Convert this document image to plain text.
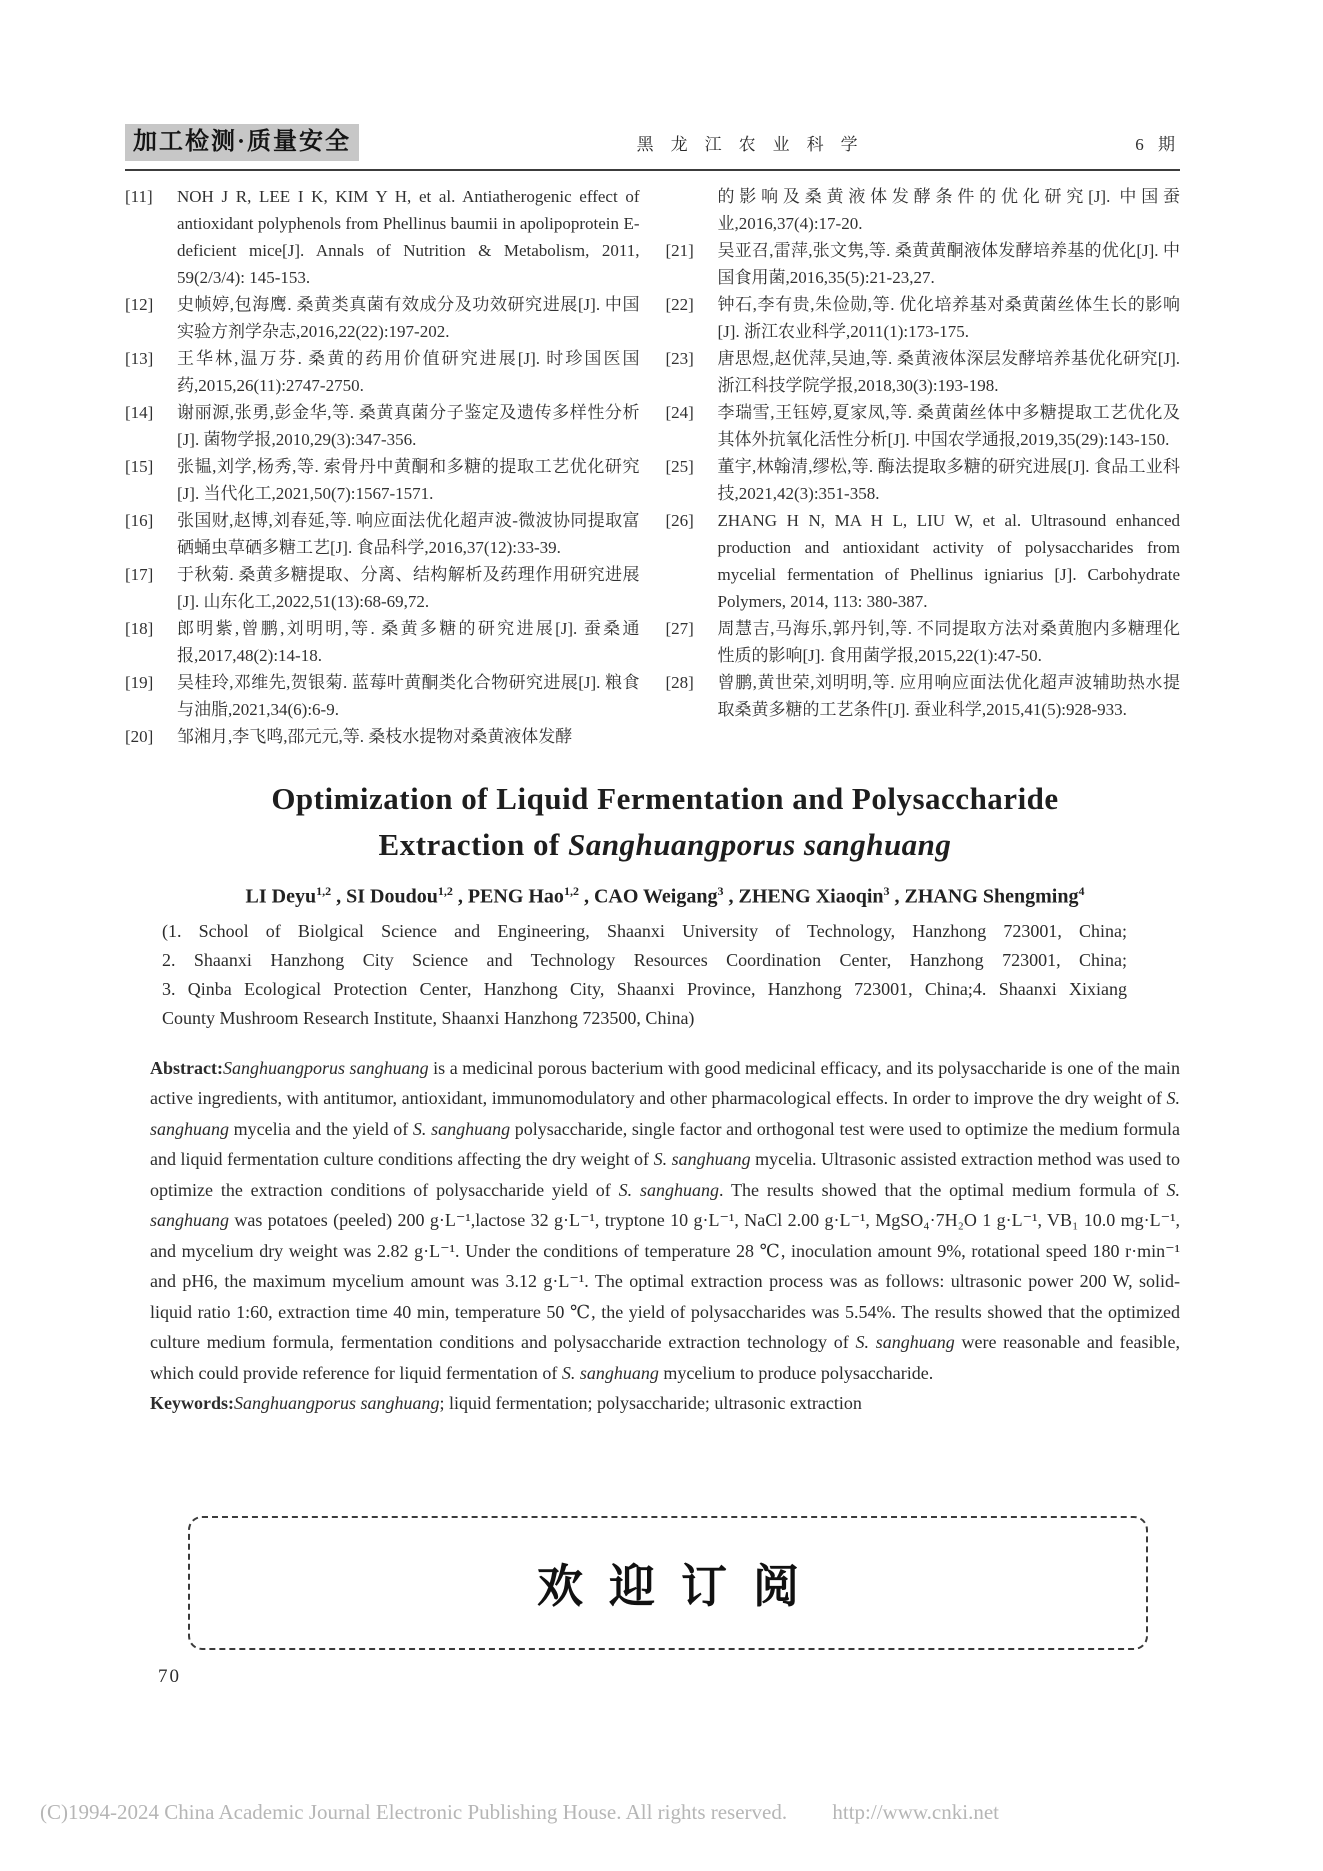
加工检测·质量安全	黑龙江农业科学	6 期
[11]	NOH J R, LEE I K, KIM Y H, et al. Antiatherogenic effect of antioxidant polyphenols from Phellinus baumii in apolipoprotein E-deficient mice[J]. Annals of Nutrition & Metabolism, 2011, 59(2/3/4): 145-153.
[12]	史帧婷,包海鹰. 桑黄类真菌有效成分及功效研究进展[J]. 中国实验方剂学杂志,2016,22(22):197-202.
[13]	王华林,温万芬. 桑黄的药用价值研究进展[J]. 时珍国医国药,2015,26(11):2747-2750.
[14]	谢丽源,张勇,彭金华,等. 桑黄真菌分子鉴定及遗传多样性分析[J]. 菌物学报,2010,29(3):347-356.
[15]	张韫,刘学,杨秀,等. 索骨丹中黄酮和多糖的提取工艺优化研究[J]. 当代化工,2021,50(7):1567-1571.
[16]	张国财,赵博,刘春延,等. 响应面法优化超声波-微波协同提取富硒蛹虫草硒多糖工艺[J]. 食品科学,2016,37(12):33-39.
[17]	于秋菊. 桑黄多糖提取、分离、结构解析及药理作用研究进展[J]. 山东化工,2022,51(13):68-69,72.
[18]	郎明紫,曾鹏,刘明明,等. 桑黄多糖的研究进展[J]. 蚕桑通报,2017,48(2):14-18.
[19]	吴桂玲,邓维先,贺银菊. 蓝莓叶黄酮类化合物研究进展[J]. 粮食与油脂,2021,34(6):6-9.
[20]	邹湘月,李飞鸣,邵元元,等. 桑枝水提物对桑黄液体发酵
的影响及桑黄液体发酵条件的优化研究[J]. 中国蚕业,2016,37(4):17-20.
[21]	吴亚召,雷萍,张文隽,等. 桑黄黄酮液体发酵培养基的优化[J]. 中国食用菌,2016,35(5):21-23,27.
[22]	钟石,李有贵,朱俭勋,等. 优化培养基对桑黄菌丝体生长的影响[J]. 浙江农业科学,2011(1):173-175.
[23]	唐思煜,赵优萍,吴迪,等. 桑黄液体深层发酵培养基优化研究[J]. 浙江科技学院学报,2018,30(3):193-198.
[24]	李瑞雪,王钰婷,夏家凤,等. 桑黄菌丝体中多糖提取工艺优化及其体外抗氧化活性分析[J]. 中国农学通报,2019,35(29):143-150.
[25]	董宇,林翰清,缪松,等. 酶法提取多糖的研究进展[J]. 食品工业科技,2021,42(3):351-358.
[26]	ZHANG H N, MA H L, LIU W, et al. Ultrasound enhanced production and antioxidant activity of polysaccharides from mycelial fermentation of Phellinus igniarius [J]. Carbohydrate Polymers, 2014, 113: 380-387.
[27]	周慧吉,马海乐,郭丹钊,等. 不同提取方法对桑黄胞内多糖理化性质的影响[J]. 食用菌学报,2015,22(1):47-50.
[28]	曾鹏,黄世荣,刘明明,等. 应用响应面法优化超声波辅助热水提取桑黄多糖的工艺条件[J]. 蚕业科学,2015,41(5):928-933.
Optimization of Liquid Fermentation and Polysaccharide
Extraction of Sanghuangporus sanghuang
LI Deyu$^{1,2}$ , SI Doudou$^{1,2}$ , PENG Hao$^{1,2}$ , CAO Weigang$^3$ , ZHENG Xiaoqin$^3$ , ZHANG Shengming$^4$
(1. School of Biolgical Science and Engineering, Shaanxi University of Technology, Hanzhong 723001, China;
2. Shaanxi Hanzhong City Science and Technology Resources Coordination Center, Hanzhong 723001, China;
3. Qinba Ecological Protection Center, Hanzhong City, Shaanxi Province, Hanzhong 723001, China;4. Shaanxi Xixiang
County Mushroom Research Institute, Shaanxi Hanzhong 723500, China)

Abstract:Sanghuangporus sanghuang is a medicinal porous bacterium with good medicinal efficacy, and its polysaccharide is one of the main active ingredients, with antitumor, antioxidant, immunomodulatory and other pharmacological effects. In order to improve the dry weight of S. sanghuang mycelia and the yield of S. sanghuang polysaccharide, single factor and orthogonal test were used to optimize the medium formula and liquid fermentation culture conditions affecting the dry weight of S. sanghuang mycelia. Ultrasonic assisted extraction method was used to optimize the extraction conditions of polysaccharide yield of S. sanghuang. The results showed that the optimal medium formula of S. sanghuang was potatoes (peeled) 200 g·L⁻¹,lactose 32 g·L⁻¹, tryptone 10 g·L⁻¹, NaCl 2.00 g·L⁻¹, MgSO₄·7H₂O 1 g·L⁻¹, VB₁ 10.0 mg·L⁻¹, and mycelium dry weight was 2.82 g·L⁻¹. Under the conditions of temperature 28 ℃, inoculation amount 9%, rotational speed 180 r·min⁻¹ and pH6, the maximum mycelium amount was 3.12 g·L⁻¹. The optimal extraction process was as follows: ultrasonic power 200 W, solid-liquid ratio 1:60, extraction time 40 min, temperature 50 ℃, the yield of polysaccharides was 5.54%. The results showed that the optimized culture medium formula, fermentation conditions and polysaccharide extraction technology of S. sanghuang were reasonable and feasible, which could provide reference for liquid fermentation of S. sanghuang mycelium to produce polysaccharide.

Keywords:Sanghuangporus sanghuang; liquid fermentation; polysaccharide; ultrasonic extraction

欢迎订阅
70
(C)1994-2024 China Academic Journal Electronic Publishing House. All rights reserved. http://www.cnki.net
